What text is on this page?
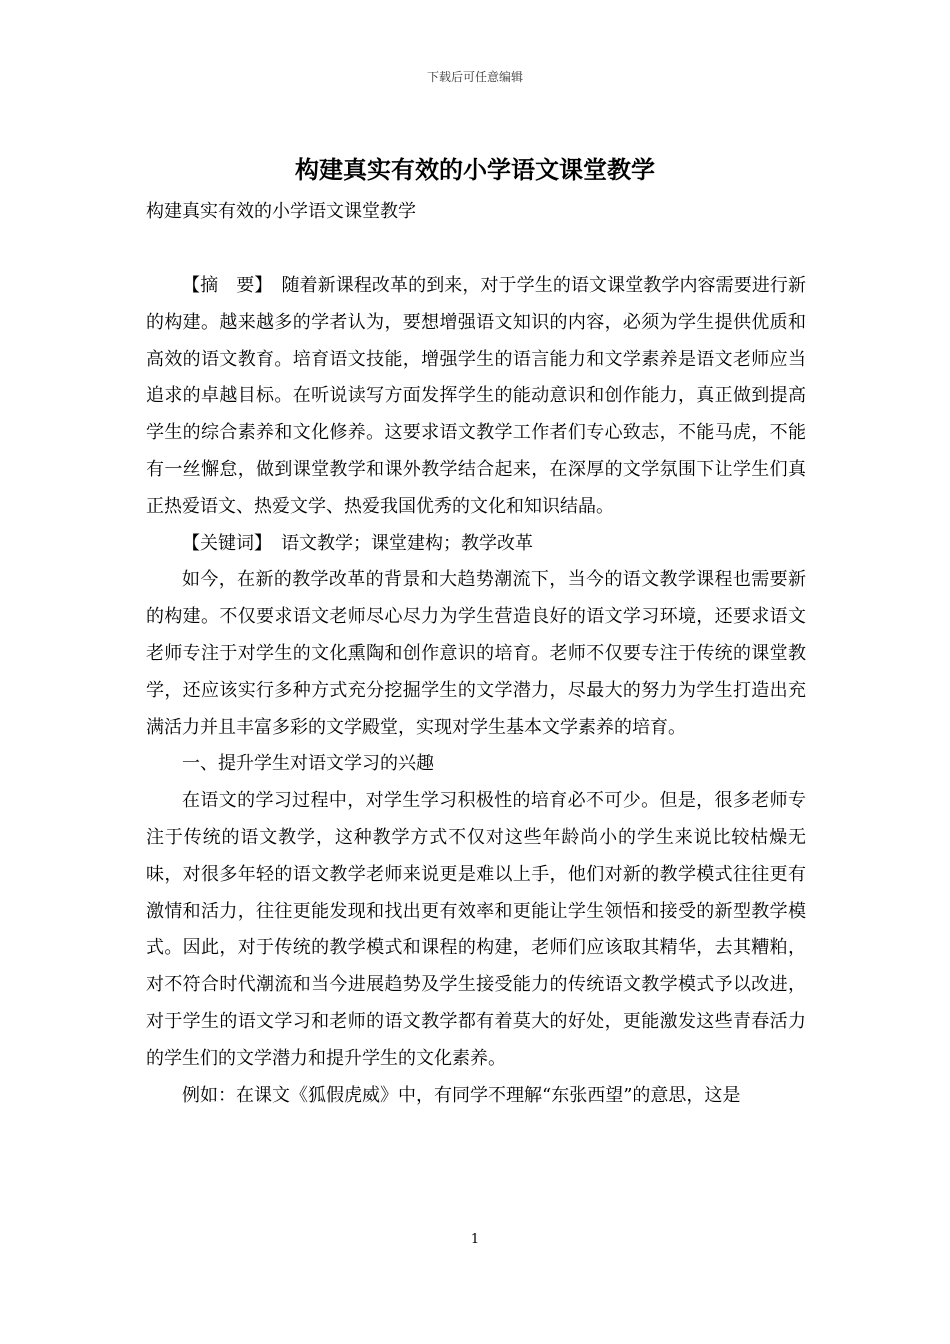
下载后可任意编辑
构建真实有效的小学语文课堂教学
构建真实有效的小学语文课堂教学

【摘　要】 随着新课程改革的到来，对于学生的语文课堂教学内容需要进行新的构建。越来越多的学者认为，要想增强语文知识的内容，必须为学生提供优质和高效的语文教育。培育语文技能，增强学生的语言能力和文学素养是语文老师应当追求的卓越目标。在听说读写方面发挥学生的能动意识和创作能力，真正做到提高学生的综合素养和文化修养。这要求语文教学工作者们专心致志，不能马虎，不能有一丝懈怠，做到课堂教学和课外教学结合起来，在深厚的文学氛围下让学生们真正热爱语文、热爱文学、热爱我国优秀的文化和知识结晶。

【关键词】 语文教学；课堂建构；教学改革

如今，在新的教学改革的背景和大趋势潮流下，当今的语文教学课程也需要新的构建。不仅要求语文老师尽心尽力为学生营造良好的语文学习环境，还要求语文老师专注于对学生的文化熏陶和创作意识的培育。老师不仅要专注于传统的课堂教学，还应该实行多种方式充分挖掘学生的文学潜力，尽最大的努力为学生打造出充满活力并且丰富多彩的文学殿堂，实现对学生基本文学素养的培育。

一、提升学生对语文学习的兴趣

在语文的学习过程中，对学生学习积极性的培育必不可少。但是，很多老师专注于传统的语文教学，这种教学方式不仅对这些年龄尚小的学生来说比较枯燥无味，对很多年轻的语文教学老师来说更是难以上手，他们对新的教学模式往往更有激情和活力，往往更能发现和找出更有效率和更能让学生领悟和接受的新型教学模式。因此，对于传统的教学模式和课程的构建，老师们应该取其精华，去其糟粕，对不符合时代潮流和当今进展趋势及学生接受能力的传统语文教学模式予以改进，对于学生的语文学习和老师的语文教学都有着莫大的好处，更能激发这些青春活力的学生们的文学潜力和提升学生的文化素养。

例如：在课文《狐假虎威》中，有同学不理解“东张西望”的意思，这是

1
